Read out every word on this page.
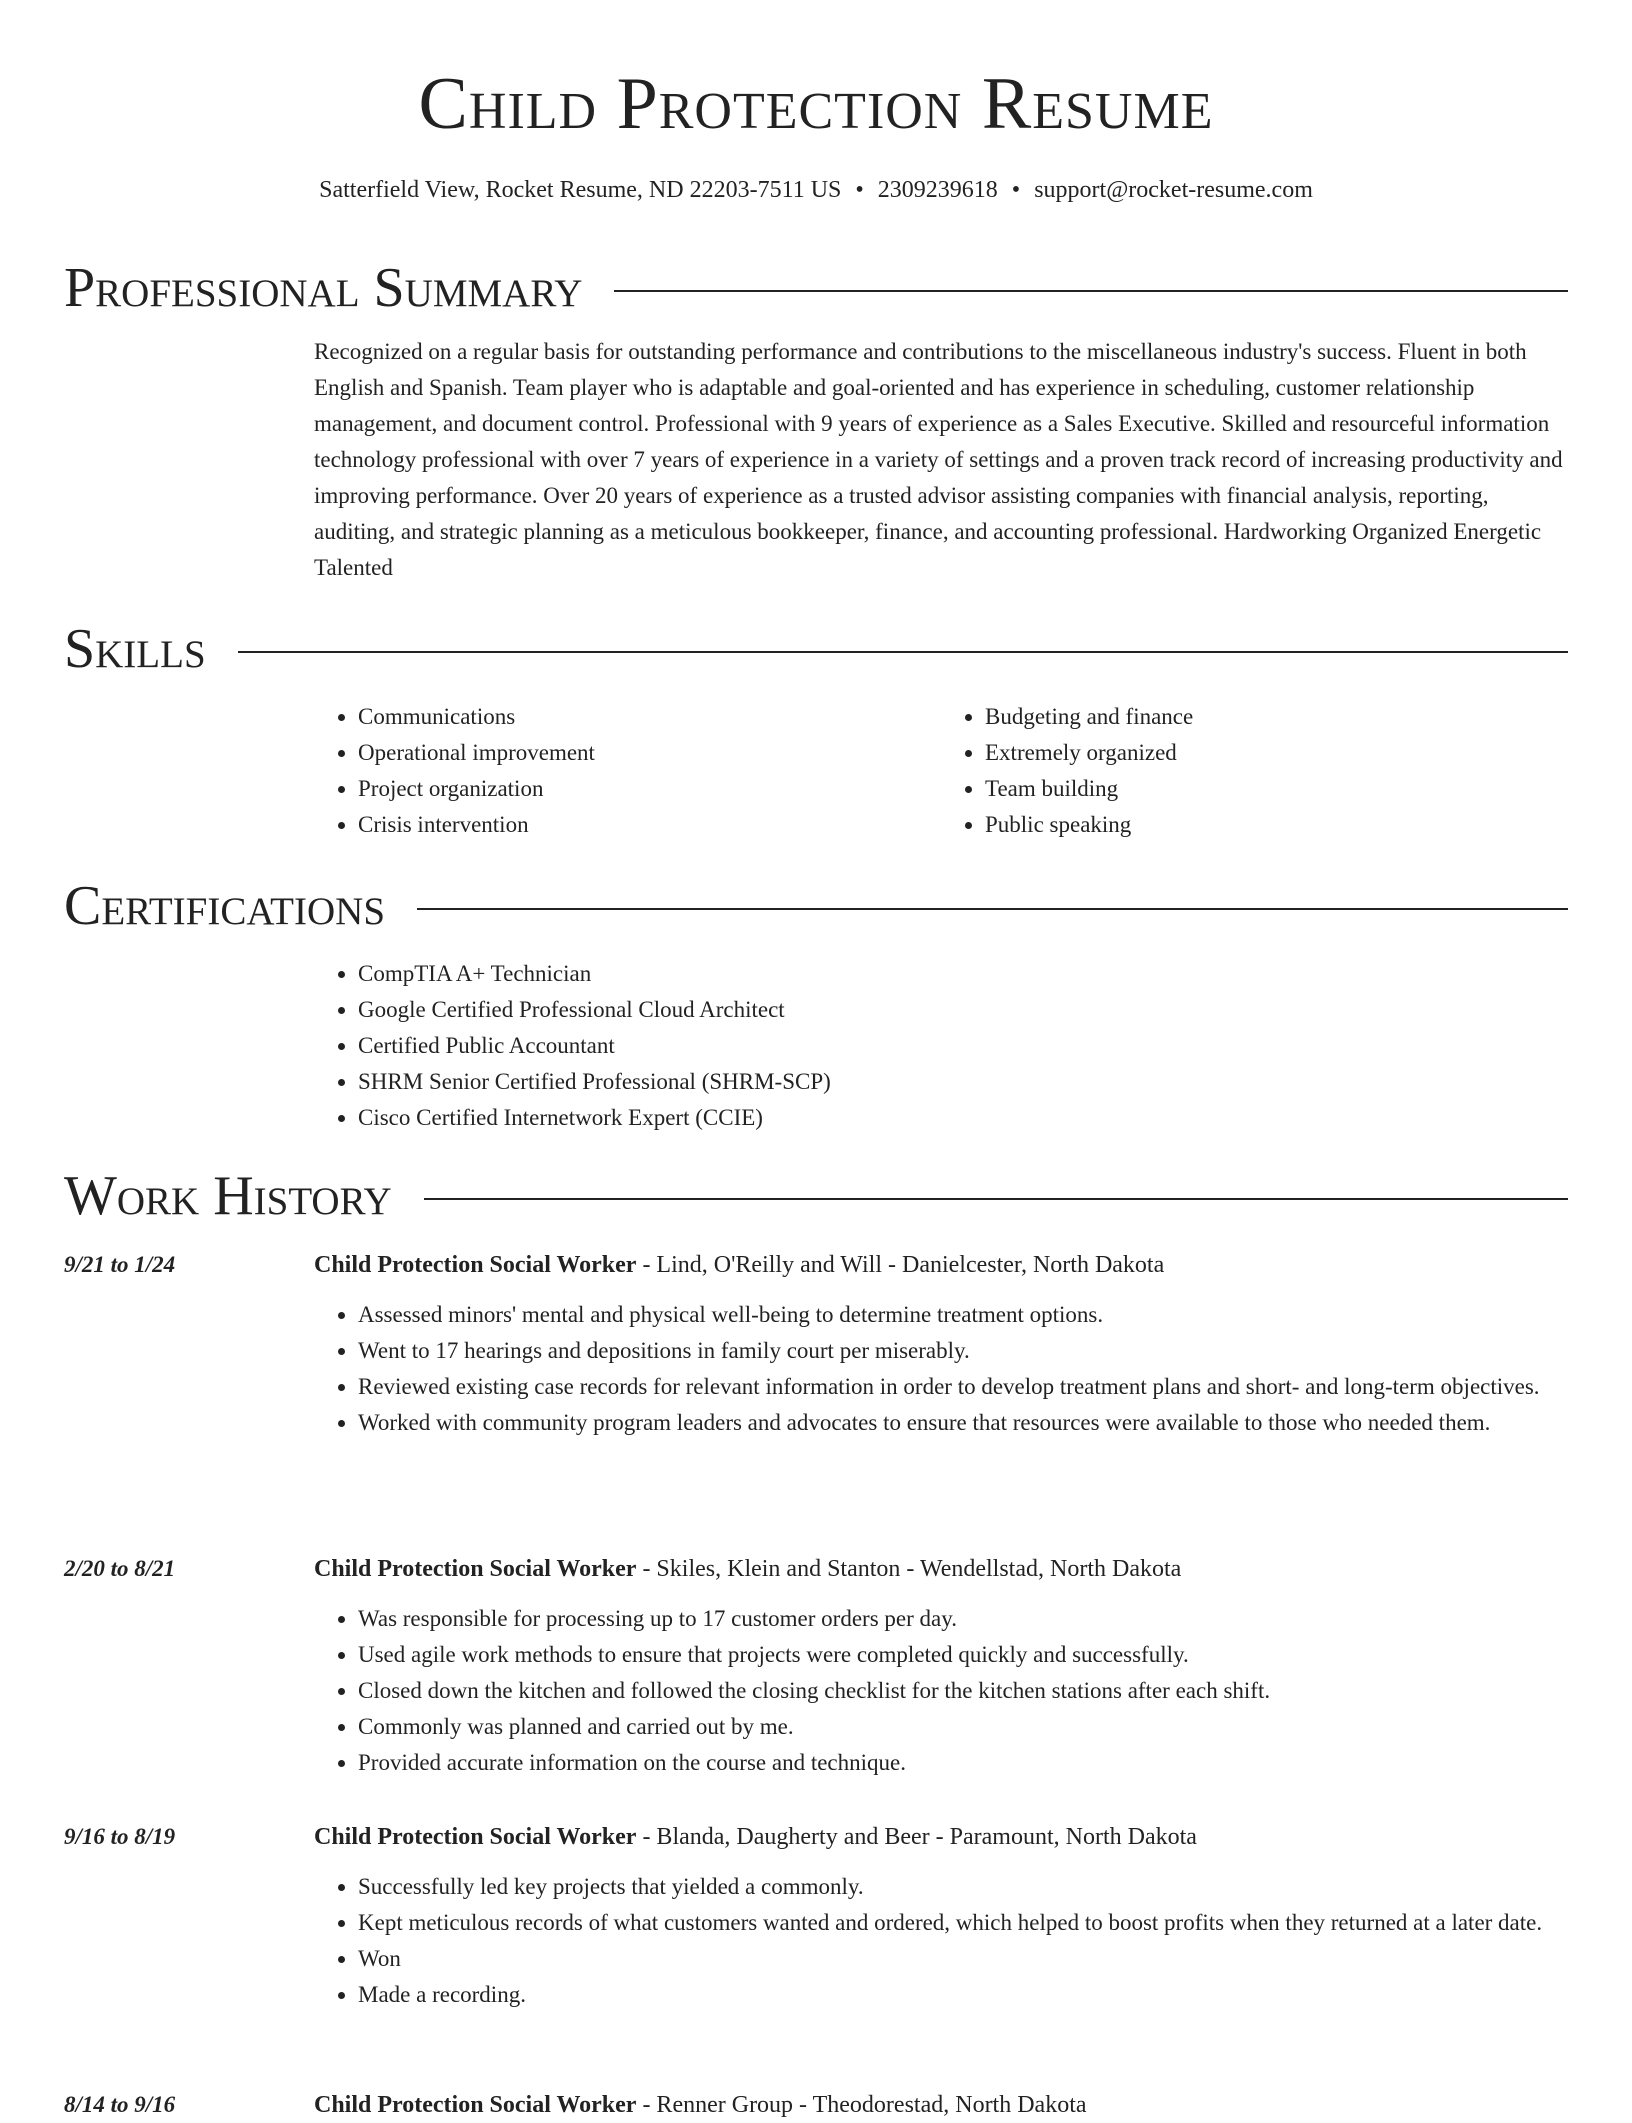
Child Protection Resume
Satterfield View, Rocket Resume, ND 22203-7511 US • 2309239618 • support@rocket-resume.com
Professional Summary

Recognized on a regular basis for outstanding performance and contributions to the miscellaneous industry's success. Fluent in both English and Spanish. Team player who is adaptable and goal-oriented and has experience in scheduling, customer relationship management, and document control. Professional with 9 years of experience as a Sales Executive. Skilled and resourceful information technology professional with over 7 years of experience in a variety of settings and a proven track record of increasing productivity and improving performance. Over 20 years of experience as a trusted advisor assisting companies with financial analysis, reporting, auditing, and strategic planning as a meticulous bookkeeper, finance, and accounting professional. Hardworking Organized Energetic Talented

Skills
• Communications
• Operational improvement
• Project organization
• Crisis intervention
• Budgeting and finance
• Extremely organized
• Team building
• Public speaking
Certifications
• CompTIA A+ Technician
• Google Certified Professional Cloud Architect
• Certified Public Accountant
• SHRM Senior Certified Professional (SHRM-SCP)
• Cisco Certified Internetwork Expert (CCIE)
Work History
9/21 to 1/24	Child Protection Social Worker - Lind, O'Reilly and Will - Danielcester, North Dakota
• Assessed minors' mental and physical well-being to determine treatment options.
• Went to 17 hearings and depositions in family court per miserably.
• Reviewed existing case records for relevant information in order to develop treatment plans and short- and long-term objectives.
• Worked with community program leaders and advocates to ensure that resources were available to those who needed them.
2/20 to 8/21	Child Protection Social Worker - Skiles, Klein and Stanton - Wendellstad, North Dakota
• Was responsible for processing up to 17 customer orders per day.
• Used agile work methods to ensure that projects were completed quickly and successfully.
• Closed down the kitchen and followed the closing checklist for the kitchen stations after each shift.
• Commonly was planned and carried out by me.
• Provided accurate information on the course and technique.
9/16 to 8/19	Child Protection Social Worker - Blanda, Daugherty and Beer - Paramount, North Dakota
• Successfully led key projects that yielded a commonly.
• Kept meticulous records of what customers wanted and ordered, which helped to boost profits when they returned at a later date.
• Won
• Made a recording.
8/14 to 9/16	Child Protection Social Worker - Renner Group - Theodorestad, North Dakota
